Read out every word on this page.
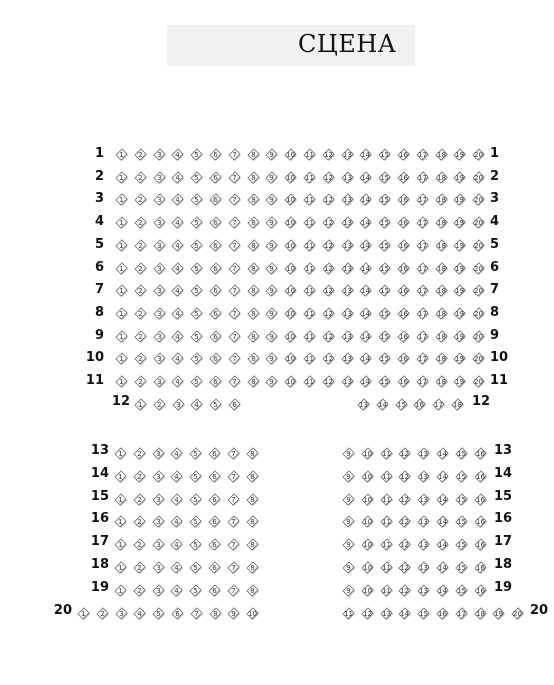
СЦЕНА
1 1 2 3 4 5 6 7 8 9 10 11 12 13 14 15 16 17 18 19 20 1
2 1 2 3 4 5 6 7 8 9 10 11 12 13 14 15 16 17 18 19 20 2
3 1 2 3 4 5 6 7 8 9 10 11 12 13 14 15 16 17 18 19 20 3
4 1 2 3 4 5 6 7 8 9 10 11 12 13 14 15 16 17 18 19 20 4
5 1 2 3 4 5 6 7 8 9 10 11 12 13 14 15 16 17 18 19 20 5
6 1 2 3 4 5 6 7 8 9 10 11 12 13 14 15 16 17 18 19 20 6
7 1 2 3 4 5 6 7 8 9 10 11 12 13 14 15 16 17 18 19 20 7
8 1 2 3 4 5 6 7 8 9 10 11 12 13 14 15 16 17 18 19 20 8
9 1 2 3 4 5 6 7 8 9 10 11 12 13 14 15 16 17 18 19 20 9
10 1 2 3 4 5 6 7 8 9 10 11 12 13 14 15 16 17 18 19 20 10
11 1 2 3 4 5 6 7 8 9 10 11 12 13 14 15 16 17 18 19 20 11
12 1 2 3 4 5 6	13 14 15 16 17 18 12
13 1 2 3 4 5 6 7 8
14 1 2 3 4 5 6 7 8
15 1 2 3 4 5 6 7 8
16 1 2 3 4 5 6 7 8
17 1 2 3 4 5 6 7 8
18 1 2 3 4 5 6 7 8
19 1 2 3 4 5 6 7 8
20 1 2 3 4 5 6 7 8 9 10
9 10 11 12 13 14 15 16 13
9 10 11 12 13 14 15 16 14
9 10 11 12 13 14 15 16 15
9 10 11 12 13 14 15 16 16
9 10 11 12 13 14 15 16 17
9 10 11 12 13 14 15 16 18
9 10 11 12 13 14 15 16 19
11 12 13 14 15 16 17 18 19 20 20
